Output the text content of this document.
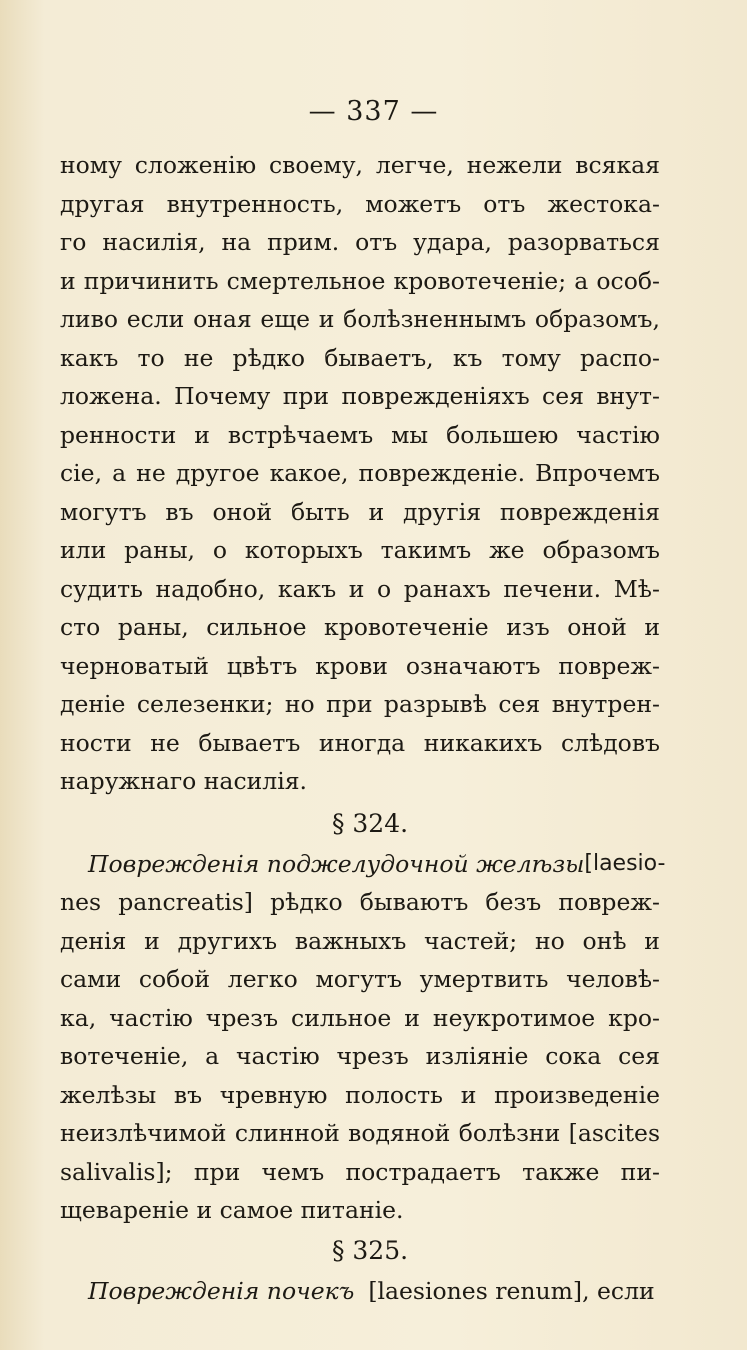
— 337 —
ному сложенію своему, легче, нежели всякая
другая внутренность, можетъ отъ жестока-
го насилія, на прим. отъ удара, разорваться
и причинить смертельное кровотеченіе; а особ-
ливо если оная еще и болѣзненнымъ образомъ,
какъ то не рѣдко бываетъ, къ тому распо-
ложена. Почему при поврежденіяхъ сея внут-
ренности и встрѣчаемъ мы большею частію
сіе, а не другое какое, поврежденіе. Впрочемъ
могутъ въ оной быть и другія поврежденія
или раны, о которыхъ такимъ же образомъ
судить надобно, какъ и о ранахъ печени. Мѣ-
сто раны, сильное кровотеченіе изъ оной и
черноватый цвѣтъ крови означаютъ повреж-
деніе селезенки; но при разрывѣ сея внутрен-
ности не бываетъ иногда никакихъ слѣдовъ
наружнаго насилія.
§ 324.
Поврежденія поджелудочной желѣзы [laesio-
nes pancreatis] рѣдко бываютъ безъ повреж-
денія и другихъ важныхъ частей; но онѣ и
сами собой легко могутъ умертвить человѣ-
ка, частію чрезъ сильное и неукротимое кро-
вотеченіе, а частію чрезъ изліяніе сока сея
желѣзы въ чревную полость и произведеніе
неизлѣчимой слинной водяной болѣзни [ascites
salivalis]; при чемъ пострадаетъ также пи-
щевареніе и самое питаніе.
§ 325.
Поврежденія почекъ [laesiones renum], если
